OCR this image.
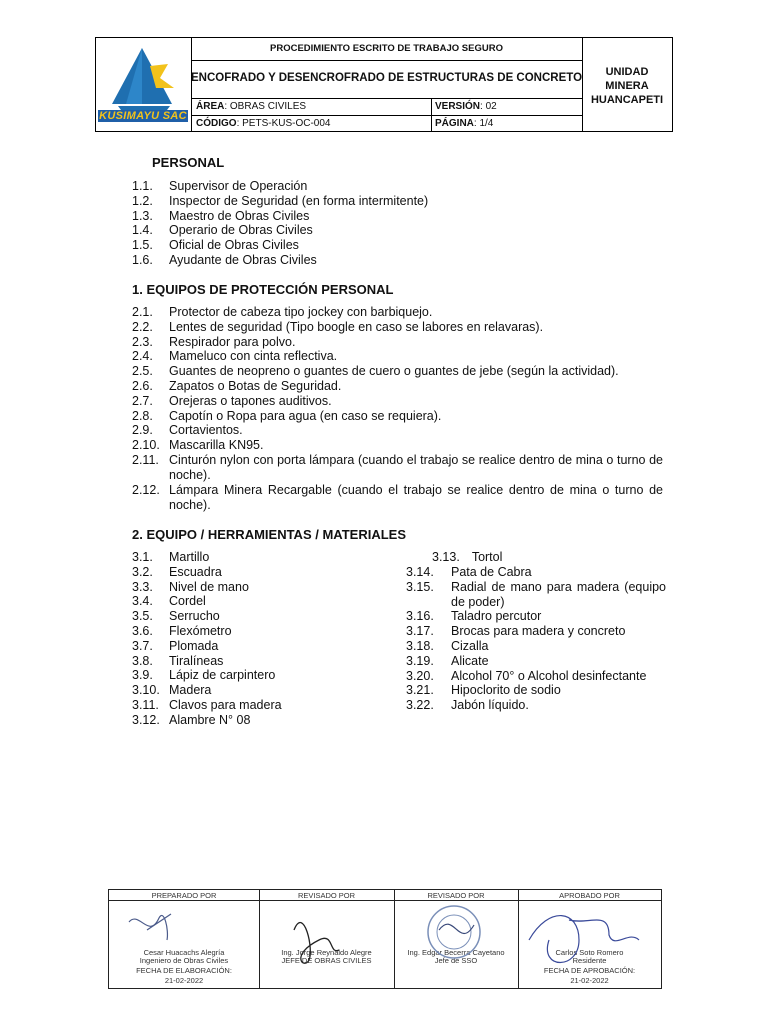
KUSIMAYU SAC
PROCEDIMIENTO ESCRITO DE TRABAJO SEGURO
ENCOFRADO Y DESENCROFRADO DE ESTRUCTURAS DE CONCRETO
ÁREA: OBRAS CIVILES	VERSIÓN: 02
CÓDIGO: PETS-KUS-OC-004	PÁGINA: 1/4
UNIDAD
MINERA
HUANCAPETI
PERSONAL
1.1. Supervisor de Operación
1.2. Inspector de Seguridad (en forma intermitente)
1.3. Maestro de Obras Civiles
1.4. Operario de Obras Civiles
1.5. Oficial de Obras Civiles
1.6. Ayudante de Obras Civiles
1. EQUIPOS DE PROTECCIÓN PERSONAL
2.1. Protector de cabeza tipo jockey con barbiquejo.
2.2. Lentes de seguridad (Tipo boogle en caso se labores en relavaras).
2.3. Respirador para polvo.
2.4. Mameluco con cinta reflectiva.
2.5. Guantes de neopreno o guantes de cuero o guantes de jebe (según la actividad).
2.6. Zapatos o Botas de Seguridad.
2.7. Orejeras o tapones auditivos.
2.8. Capotín o Ropa para agua (en caso se requiera).
2.9. Cortavientos.
2.10. Mascarilla KN95.
2.11. Cinturón nylon con porta lámpara (cuando el trabajo se realice dentro de mina o turno de noche).
2.12. Lámpara Minera Recargable (cuando el trabajo se realice dentro de mina o turno de noche).
2. EQUIPO / HERRAMIENTAS / MATERIALES
3.1. Martillo
3.2. Escuadra
3.3. Nivel de mano
3.4. Cordel
3.5. Serrucho
3.6. Flexómetro
3.7. Plomada
3.8. Tiralíneas
3.9. Lápiz de carpintero
3.10. Madera
3.11. Clavos para madera
3.12. Alambre N° 08
3.13. Tortol
3.14. Pata de Cabra
3.15. Radial de mano para madera (equipo de poder)
3.16. Taladro percutor
3.17. Brocas para madera y concreto
3.18. Cizalla
3.19. Alicate
3.20. Alcohol 70° o Alcohol desinfectante
3.21. Hipoclorito de sodio
3.22. Jabón líquido.
PREPARADO POR
Cesar Huacachs Alegría
Ingeniero de Obras Civiles
FECHA DE ELABORACIÓN:
21-02-2022
REVISADO POR
Ing. Jorge Reynaldo Alegre
JEFE DE OBRAS CIVILES
REVISADO POR
Ing. Edgar Becerra Cayetano
Jefe de SSO
APROBADO POR
Carlos Soto Romero
Residente
FECHA DE APROBACIÓN:
21-02-2022
